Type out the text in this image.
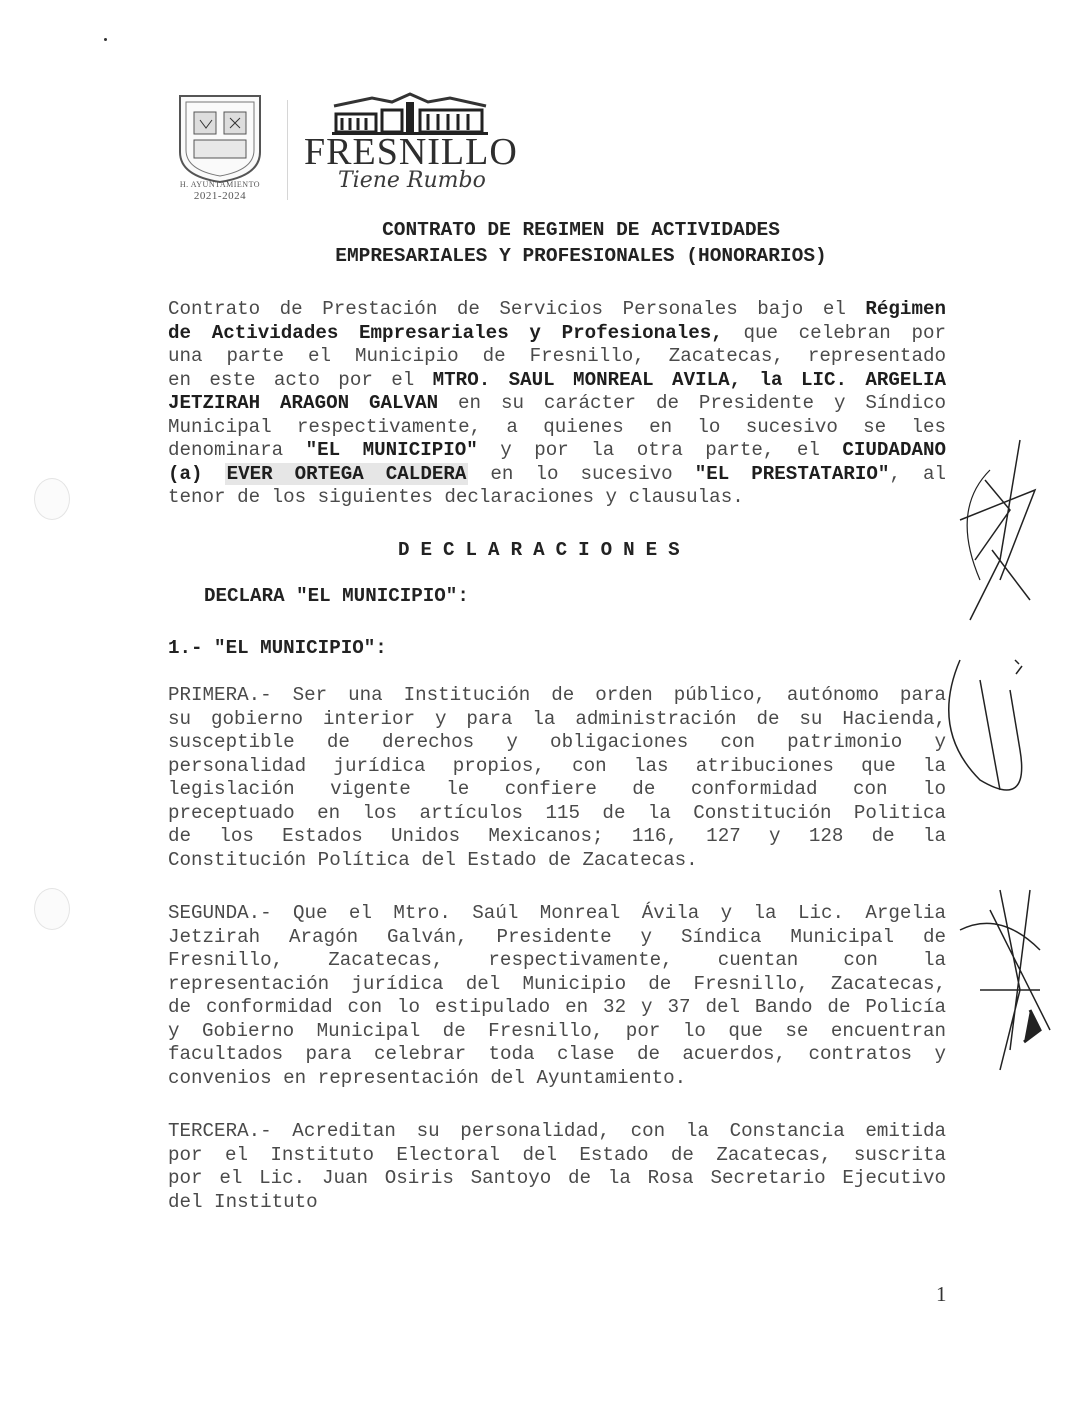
H. AYUNTAMIENTO
2021-2024
FRESNILLO
Tiene Rumbo
CONTRATO DE REGIMEN DE ACTIVIDADES
EMPRESARIALES Y PROFESIONALES (HONORARIOS)
Contrato de Prestación de Servicios Personales bajo el Régimen
de Actividades Empresariales y Profesionales, que celebran por
una parte el Municipio de Fresnillo, Zacatecas, representado
en este acto por el MTRO. SAUL MONREAL AVILA, la LIC. ARGELIA
JETZIRAH ARAGON GALVAN en su carácter de Presidente y Síndico
Municipal respectivamente, a quienes en lo sucesivo se les
denominara "EL MUNICIPIO" y por la otra parte, el CIUDADANO
(a) EVER ORTEGA CALDERA en lo sucesivo "EL PRESTATARIO", al
tenor de los siguientes declaraciones y clausulas.
DECLARACIONES
DECLARA "EL MUNICIPIO":
1.- "EL MUNICIPIO":
PRIMERA.- Ser una Institución de orden público, autónomo para
su gobierno interior y para la administración de su Hacienda,
susceptible de derechos y obligaciones con patrimonio y
personalidad jurídica propios, con las atribuciones que la
legislación vigente le confiere de conformidad con lo
preceptuado en los artículos 115 de la Constitución Politica
de los Estados Unidos Mexicanos; 116, 127 y 128 de la
Constitución Política del Estado de Zacatecas.
SEGUNDA.- Que el Mtro. Saúl Monreal Ávila y la Lic. Argelia
Jetzirah Aragón Galván, Presidente y Síndica Municipal de
Fresnillo, Zacatecas, respectivamente, cuentan con la
representación jurídica del Municipio de Fresnillo, Zacatecas,
de conformidad con lo estipulado en 32 y 37 del Bando de Policía
y Gobierno Municipal de Fresnillo, por lo que se encuentran
facultados para celebrar toda clase de acuerdos, contratos y
convenios en representación del Ayuntamiento.
TERCERA.- Acreditan su personalidad, con la Constancia emitida
por el Instituto Electoral del Estado de Zacatecas, suscrita
por el Lic. Juan Osiris Santoyo de la Rosa Secretario Ejecutivo
del Instituto
1
